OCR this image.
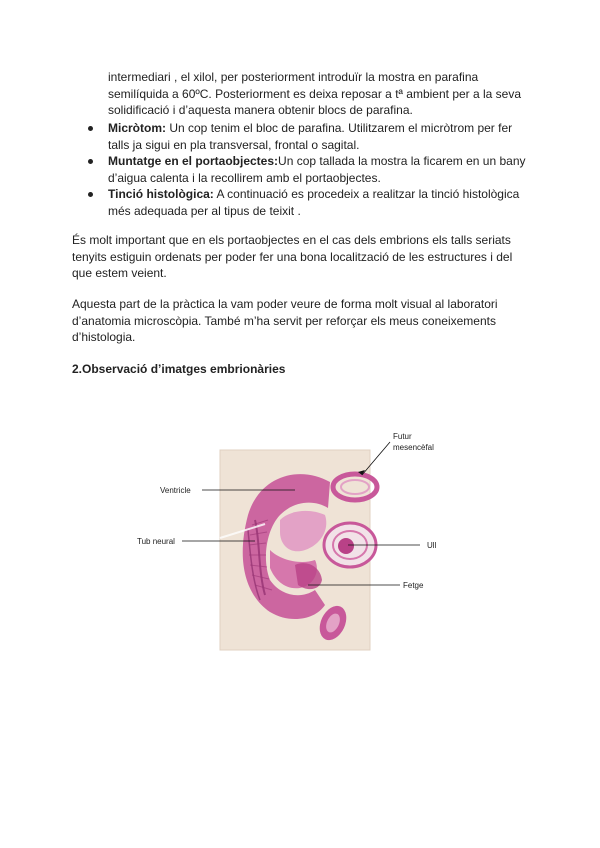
intermediari , el xilol, per posteriorment introduïr la mostra en parafina semilíquida a 60ºC. Posteriorment es deixa reposar a tª ambient per a la seva solidificació i d’aquesta manera obtenir blocs de parafina.

Micròtom: Un cop tenim el bloc de parafina. Utilitzarem el micròtrom per fer talls ja sigui en pla transversal, frontal o sagital.
Muntatge en el portaobjectes:Un cop tallada la mostra la ficarem en un bany d’aigua calenta i la recollirem amb el portaobjectes.
Tinció histològica: A continuació es procedeix a realitzar la tinció histològica més adequada per al tipus de teixit .

És molt important que en els portaobjectes en el cas dels embrions els talls seriats tenyits estiguin ordenats per poder fer una bona localització de les estructures i del que estem veient.

Aquesta part de la pràctica la vam poder veure de forma molt visual al laboratori d’anatomia microscòpia. També m’ha servit per reforçar els meus coneixements d’histologia.

2.Observació d’imatges embrionàries
Futur
mesencèfal
Ventricle
Tub neural	Ull
Fetge
